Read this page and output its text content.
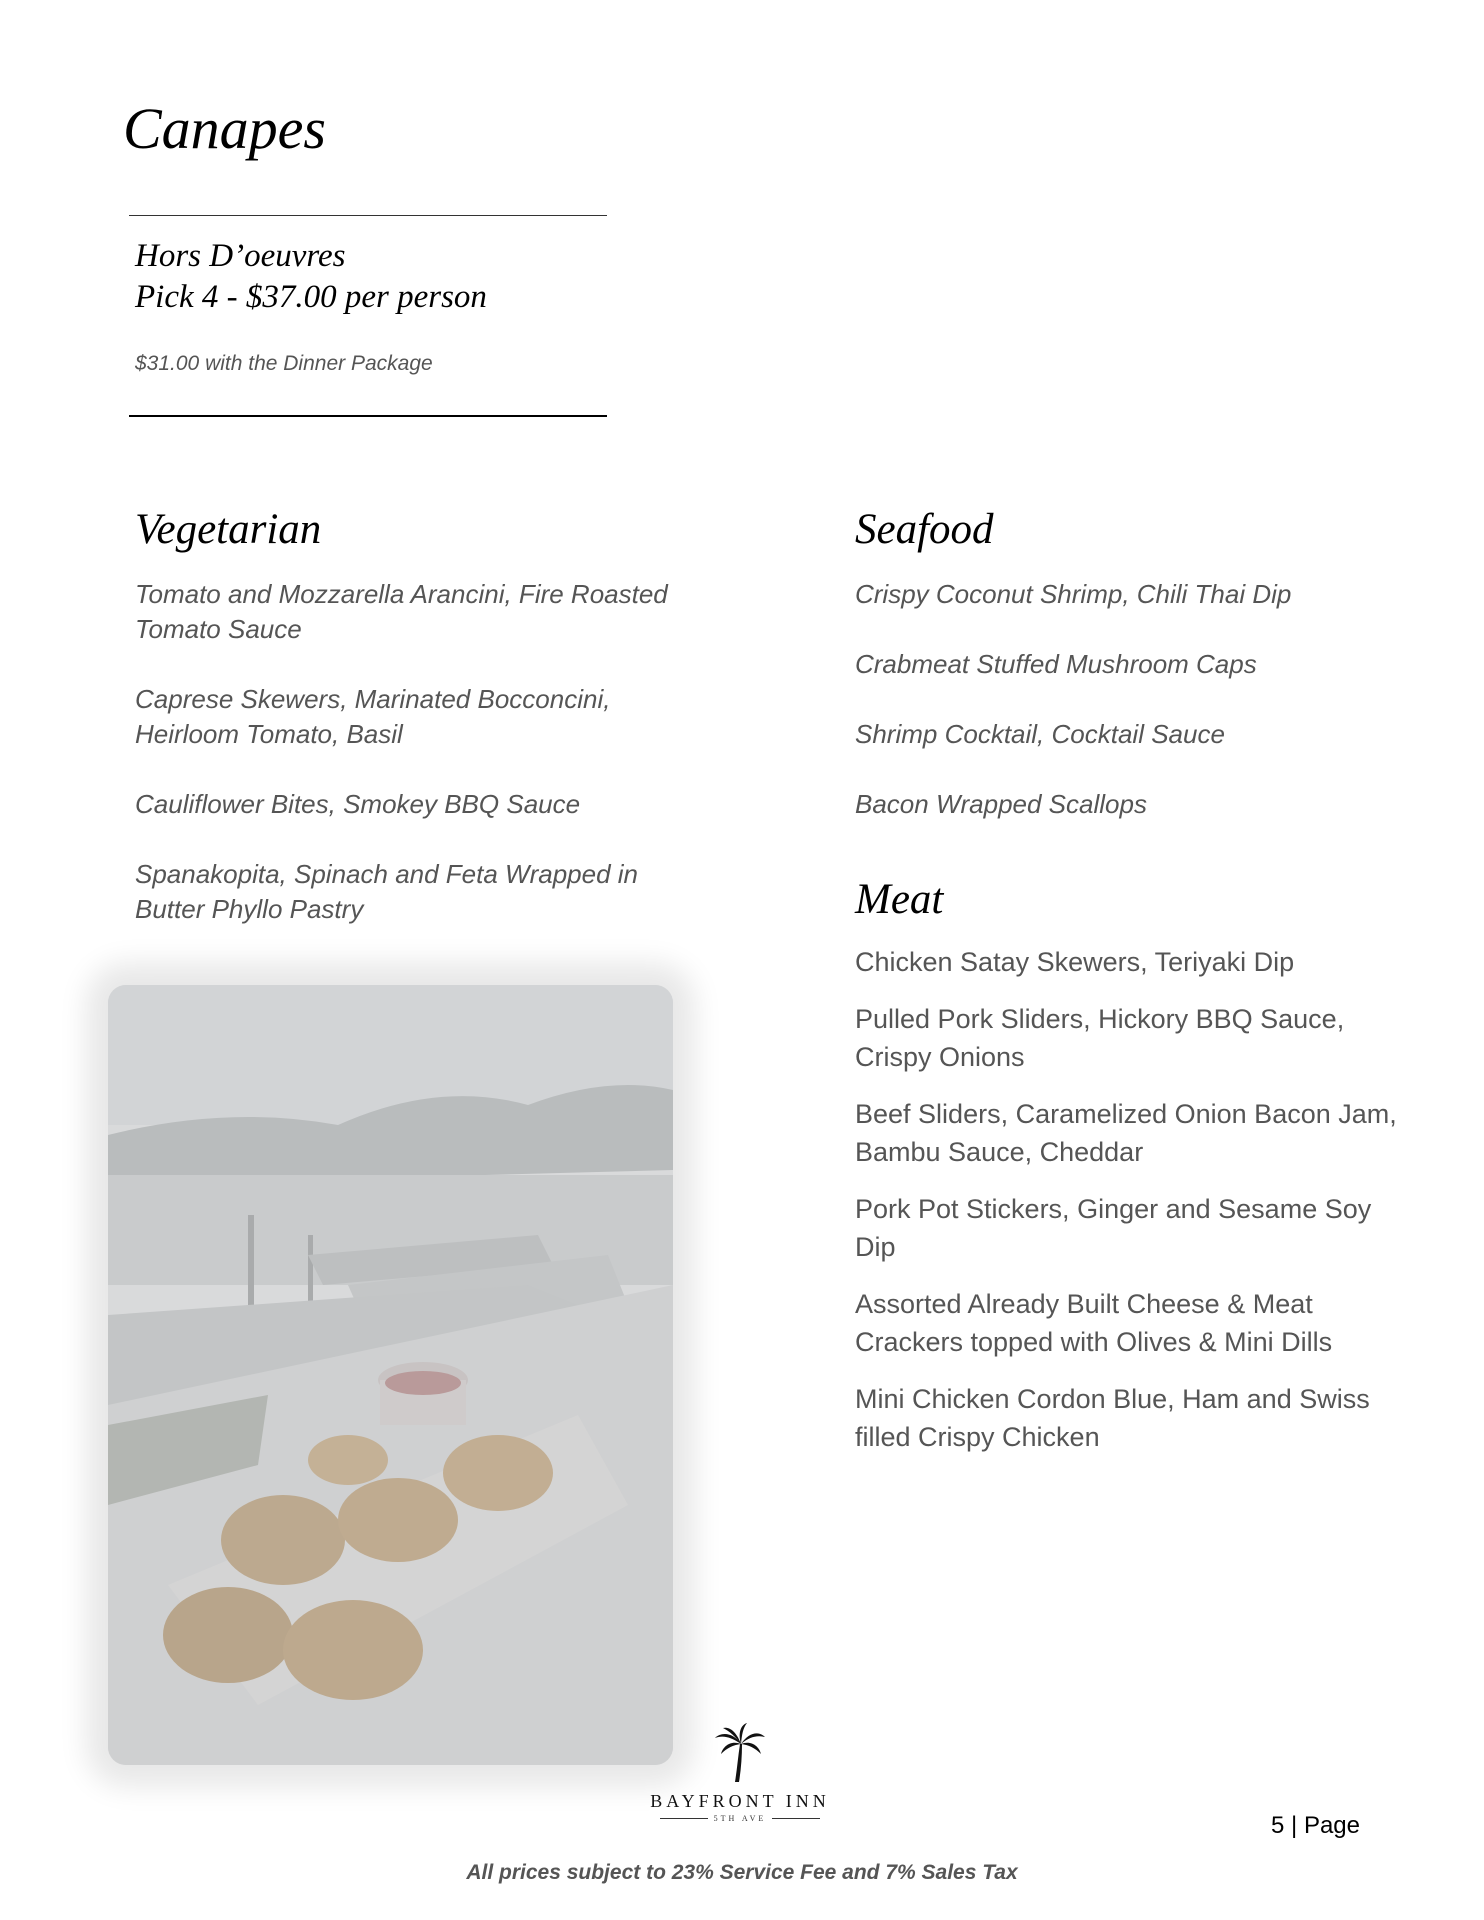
Canapes
Hors D’oeuvres
Pick 4 - $37.00 per person
$31.00 with the Dinner Package
Vegetarian

Tomato and Mozzarella Arancini, Fire Roasted Tomato Sauce

Caprese Skewers, Marinated Bocconcini, Heirloom Tomato, Basil

Cauliflower Bites, Smokey BBQ Sauce

Spanakopita, Spinach and Feta Wrapped in Butter Phyllo Pastry

Seafood

Crispy Coconut Shrimp, Chili Thai Dip

Crabmeat Stuffed Mushroom Caps

Shrimp Cocktail, Cocktail Sauce

Bacon Wrapped Scallops

Meat

Chicken Satay Skewers, Teriyaki Dip

Pulled Pork Sliders, Hickory BBQ Sauce, Crispy Onions

Beef Sliders, Caramelized Onion Bacon Jam, Bambu Sauce, Cheddar

Pork Pot Stickers, Ginger and Sesame Soy Dip

Assorted Already Built Cheese & Meat Crackers topped with Olives & Mini Dills

Mini Chicken Cordon Blue, Ham and Swiss filled Crispy Chicken

BAYFRONT INN
5TH AVE	5 | Page
All prices subject to 23% Service Fee and 7% Sales Tax
